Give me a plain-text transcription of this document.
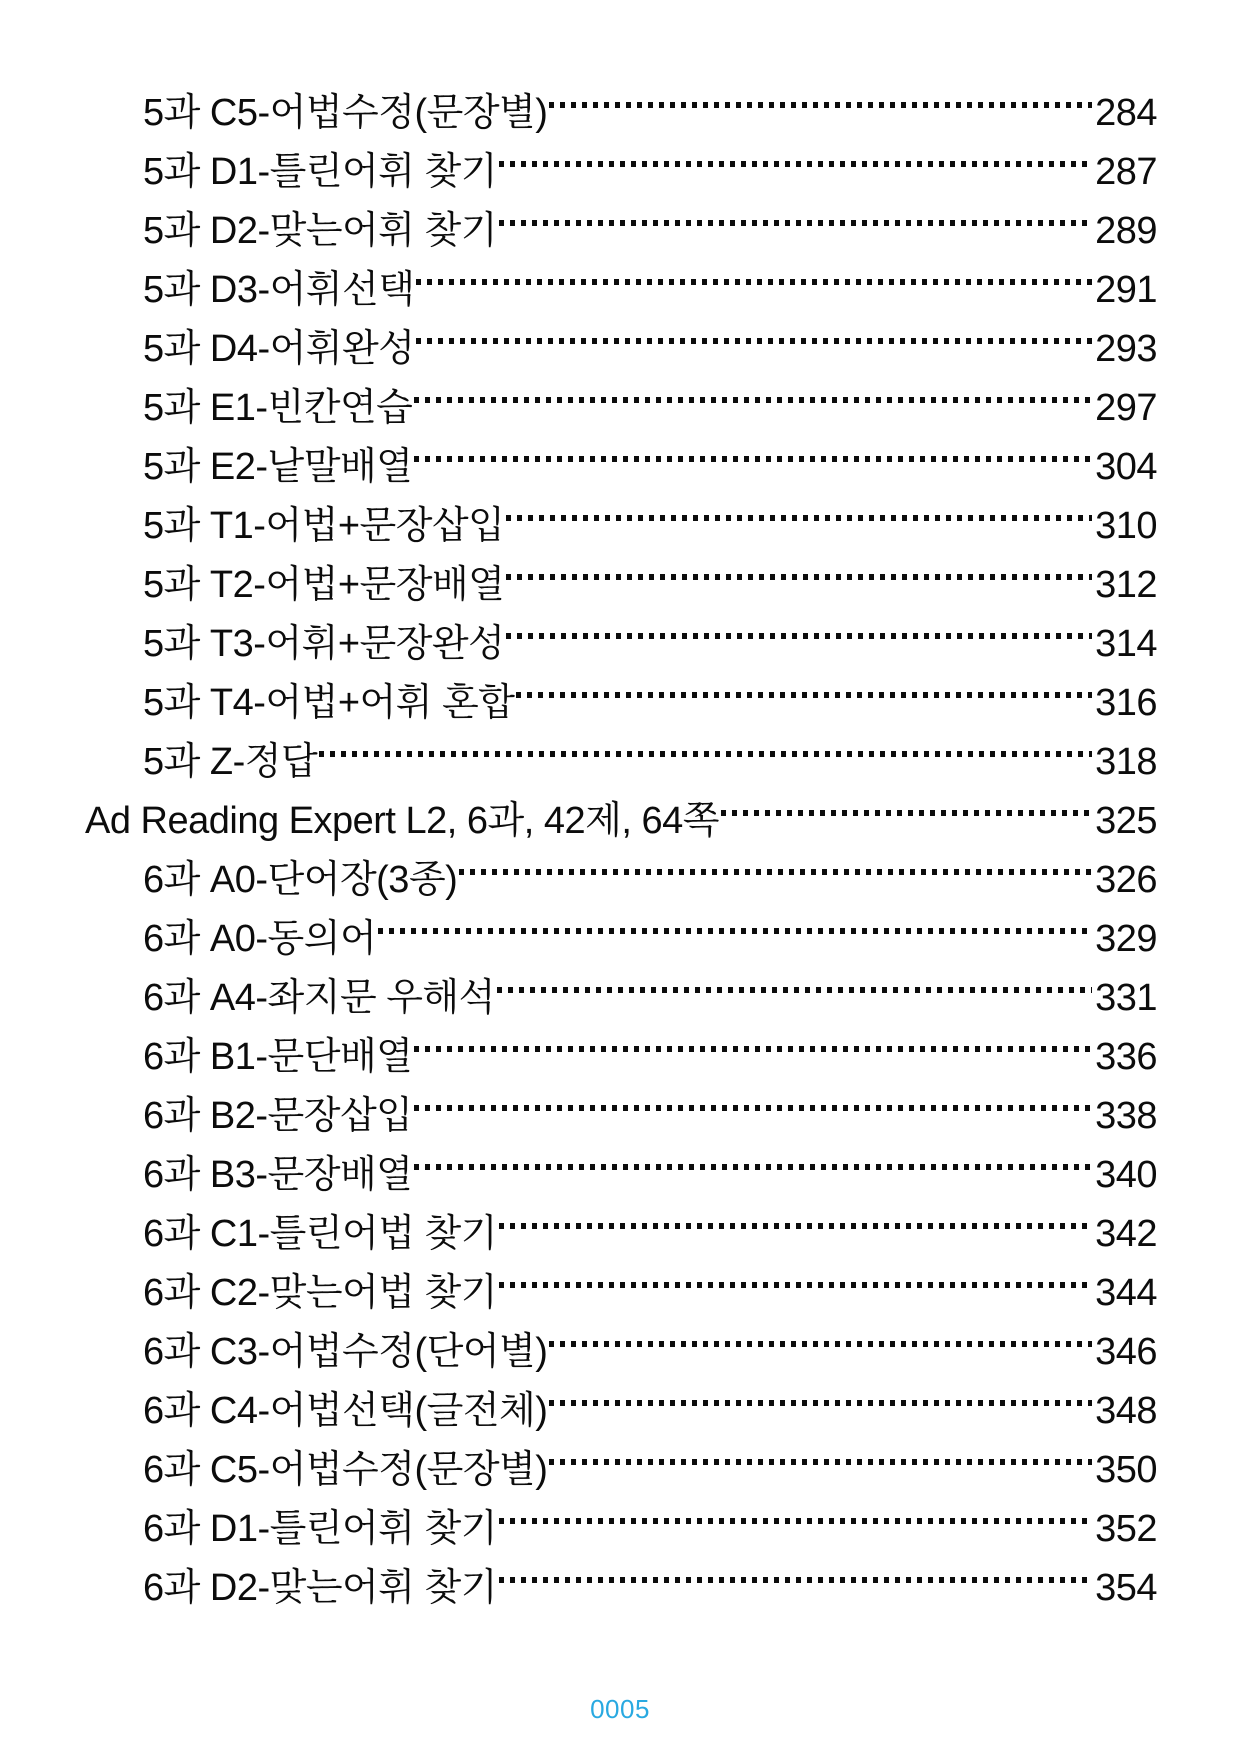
5과 C5-어법수정(문장별)	284
5과 D1-틀린어휘 찾기	287
5과 D2-맞는어휘 찾기	289
5과 D3-어휘선택	291
5과 D4-어휘완성	293
5과 E1-빈칸연습	297
5과 E2-낱말배열	304
5과 T1-어법+문장삽입	310
5과 T2-어법+문장배열	312
5과 T3-어휘+문장완성	314
5과 T4-어법+어휘 혼합	316
5과 Z-정답	318
Ad Reading Expert L2, 6과, 42제, 64쪽	325
6과 A0-단어장(3종)	326
6과 A0-동의어	329
6과 A4-좌지문 우해석	331
6과 B1-문단배열	336
6과 B2-문장삽입	338
6과 B3-문장배열	340
6과 C1-틀린어법 찾기	342
6과 C2-맞는어법 찾기	344
6과 C3-어법수정(단어별)	346
6과 C4-어법선택(글전체)	348
6과 C5-어법수정(문장별)	350
6과 D1-틀린어휘 찾기	352
6과 D2-맞는어휘 찾기	354
0005
